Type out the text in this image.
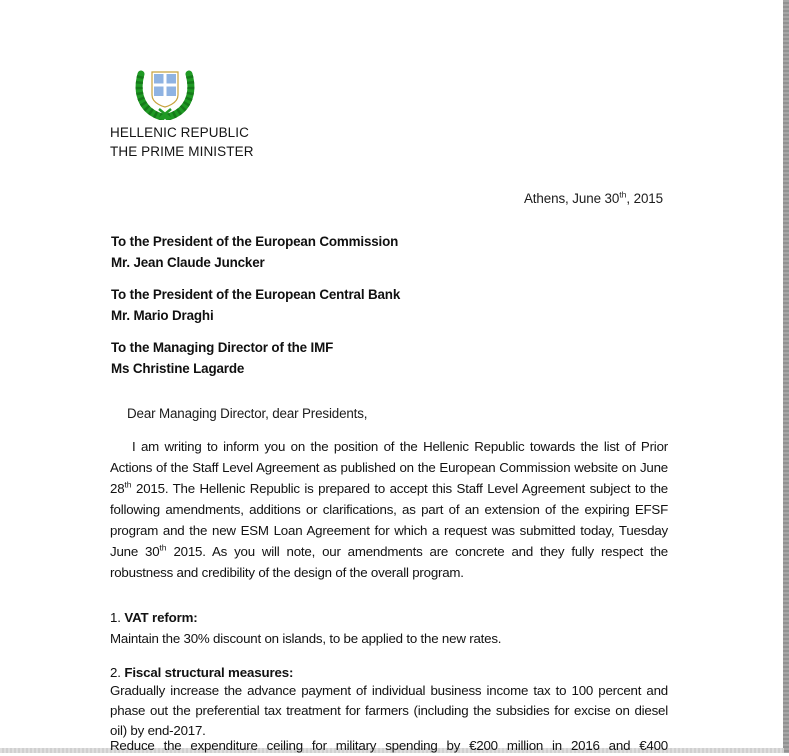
HELLENIC REPUBLIC
THE PRIME MINISTER
Athens, June 30th, 2015
To the President of the European Commission
Mr. Jean Claude Juncker
To the President of the European Central Bank
Mr. Mario Draghi
To the Managing Director of the IMF
Ms Christine Lagarde
Dear Managing Director, dear Presidents,
I am writing to inform you on the position of the Hellenic Republic towards the list of Prior Actions of the Staff Level Agreement as published on the European Commission website on June 28th 2015. The Hellenic Republic is prepared to accept this Staff Level Agreement subject to the following amendments, additions or clarifications, as part of an extension of the expiring EFSF program and the new ESM Loan Agreement for which a request was submitted today, Tuesday June 30th 2015. As you will note, our amendments are concrete and they fully respect the robustness and credibility of the design of the overall program.
1. VAT reform:
Maintain the 30% discount on islands, to be applied to the new rates.
2. Fiscal structural measures:
Gradually increase the advance payment of individual business income tax to 100 percent and phase out the preferential tax treatment for farmers (including the subsidies for excise on diesel oil) by end-2017.
Reduce the expenditure ceiling for military spending by €200 million in 2016 and €400
